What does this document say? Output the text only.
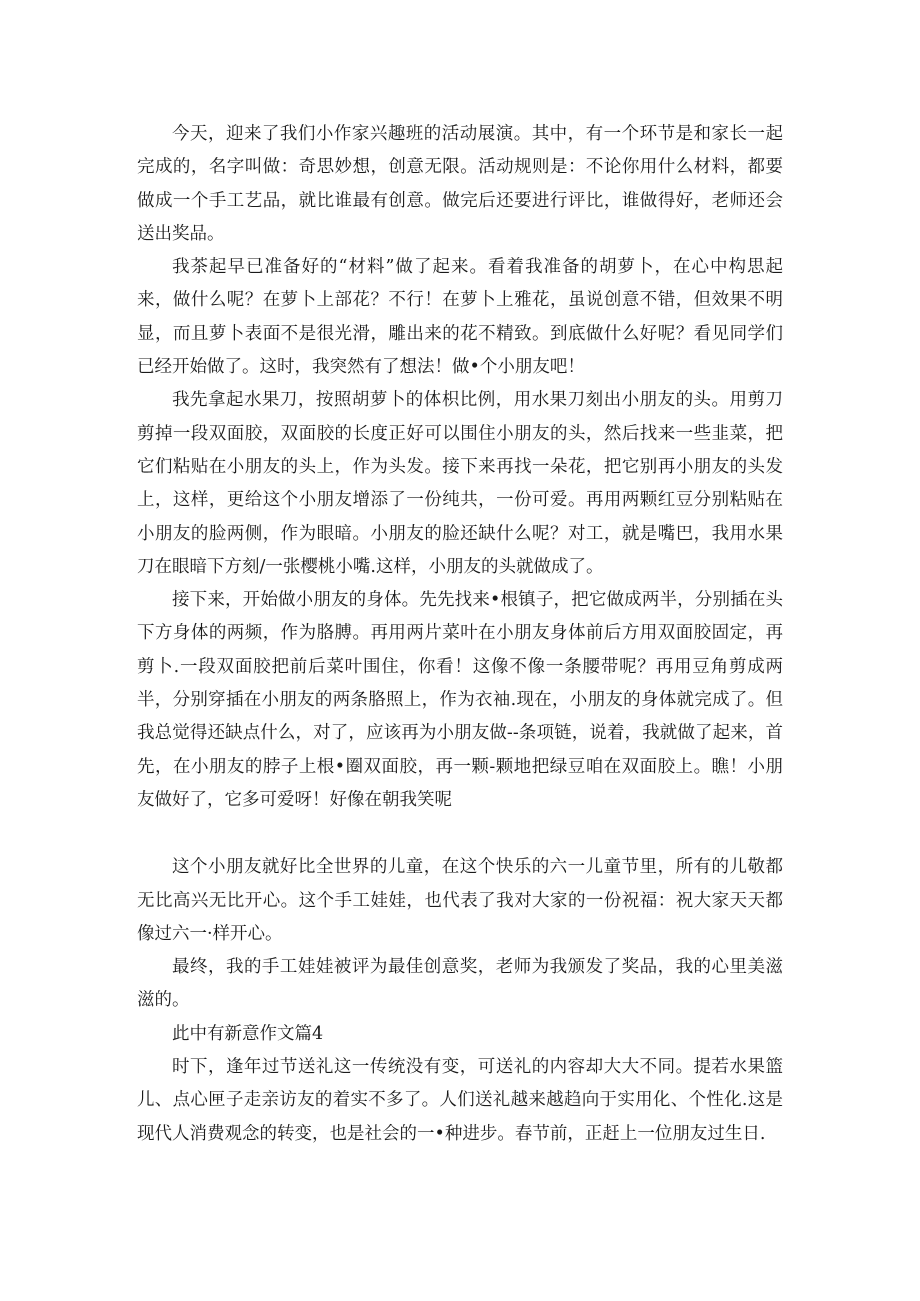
今天，迎来了我们小作家兴趣班的活动展演。其中，有一个环节是和家长一起完成的，名字叫做：奇思妙想，创意无限。活动规则是：不论你用什么材料，都要做成一个手工艺品，就比谁最有创意。做完后还要进行评比，谁做得好，老师还会送出奖品。

我茶起早已准备好的“材料”做了起来。看着我准备的胡萝卜，在心中构思起来，做什么呢？在萝卜上部花？不行！在萝卜上雅花，虽说创意不错，但效果不明显，而且萝卜表面不是很光滑，雕出来的花不精致。到底做什么好呢？看见同学们已经开始做了。这时，我突然有了想法！做•个小朋友吧！

我先拿起水果刀，按照胡萝卜的体枳比例，用水果刀刻出小朋友的头。用剪刀剪掉一段双面胶，双面胶的长度正好可以围住小朋友的头，然后找来一些韭菜，把它们粘贴在小朋友的头上，作为头发。接下来再找一朵花，把它别再小朋友的头发上，这样，更给这个小朋友增添了一份纯共，一份可爱。再用两颗红豆分别粘贴在小朋友的脸两侧，作为眼暗。小朋友的脸还缺什么呢？对工，就是嘴巴，我用水果刀在眼暗下方刻/一张樱桃小嘴.这样，小朋友的头就做成了。

接下来，开始做小朋友的身体。先先找来•根镇子，把它做成两半，分别插在头下方身体的两频，作为胳膊。再用两片菜叶在小朋友身体前后方用双面胶固定，再剪卜.一段双面胶把前后菜叶围住，你看！这像不像一条腰带呢？再用豆角剪成两半，分别穿插在小朋友的两条胳照上，作为衣袖.现在，小朋友的身体就完成了。但我总觉得还缺点什么，对了，应该再为小朋友做--条项链，说着，我就做了起来，首先，在小朋友的脖子上根•圈双面胶，再一颗-颗地把绿豆咱在双面胶上。瞧！小朋友做好了，它多可爱呀！好像在朝我笑呢

这个小朋友就好比全世界的儿童，在这个快乐的六一儿童节里，所有的儿敬都无比高兴无比开心。这个手工娃娃，也代表了我对大家的一份祝福：祝大家天天都像过六一·样开心。

最终，我的手工娃娃被评为最佳创意奖，老师为我颁发了奖品，我的心里美滋滋的。

此中有新意作文篇4

时下，逢年过节送礼这一传统没有变，可送礼的内容却大大不同。提若水果篮儿、点心匣子走亲访友的着实不多了。人们送礼越来越趋向于实用化、个性化.这是现代人消费观念的转变，也是社会的一•种进步。春节前，正赶上一位朋友过生日.
